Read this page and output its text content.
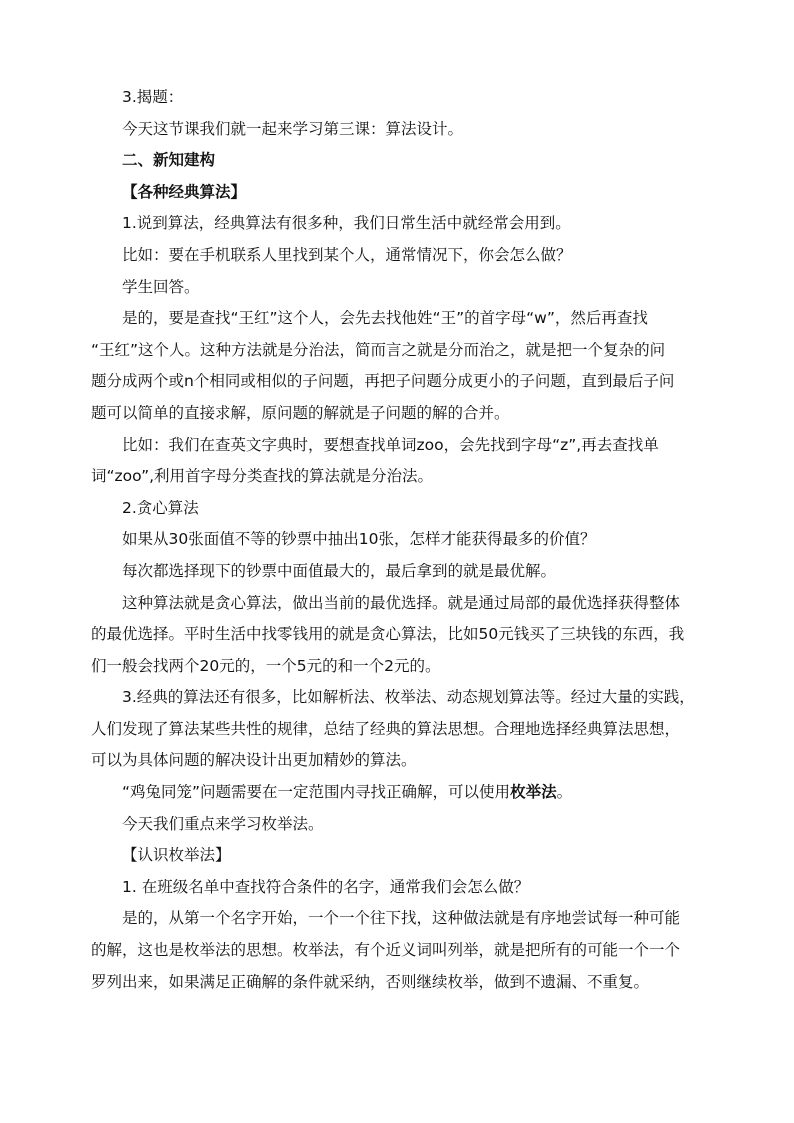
3.揭题：
今天这节课我们就一起来学习第三课：算法设计。
二、新知建构
【各种经典算法】
1.说到算法，经典算法有很多种，我们日常生活中就经常会用到。
比如：要在手机联系人里找到某个人，通常情况下，你会怎么做？
学生回答。
是的，要是查找“王红”这个人，会先去找他姓“王”的首字母“w”，然后再查找
“王红”这个人。这种方法就是分治法，简而言之就是分而治之，就是把一个复杂的问
题分成两个或n个相同或相似的子问题，再把子问题分成更小的子问题，直到最后子问
题可以简单的直接求解，原问题的解就是子问题的解的合并。
比如：我们在查英文字典时，要想查找单词zoo，会先找到字母“z”,再去查找单
词“zoo”,利用首字母分类查找的算法就是分治法。
2.贪心算法
如果从30张面值不等的钞票中抽出10张，怎样才能获得最多的价值？
每次都选择现下的钞票中面值最大的，最后拿到的就是最优解。
这种算法就是贪心算法，做出当前的最优选择。就是通过局部的最优选择获得整体
的最优选择。平时生活中找零钱用的就是贪心算法，比如50元钱买了三块钱的东西，我
们一般会找两个20元的，一个5元的和一个2元的。
3.经典的算法还有很多，比如解析法、枚举法、动态规划算法等。经过大量的实践，
人们发现了算法某些共性的规律，总结了经典的算法思想。合理地选择经典算法思想，
可以为具体问题的解决设计出更加精妙的算法。
“鸡兔同笼”问题需要在一定范围内寻找正确解，可以使用枚举法。
今天我们重点来学习枚举法。
【认识枚举法】
1. 在班级名单中查找符合条件的名字，通常我们会怎么做？
是的，从第一个名字开始，一个一个往下找，这种做法就是有序地尝试每一种可能
的解，这也是枚举法的思想。枚举法，有个近义词叫列举，就是把所有的可能一个一个
罗列出来，如果满足正确解的条件就采纳，否则继续枚举，做到不遗漏、不重复。
